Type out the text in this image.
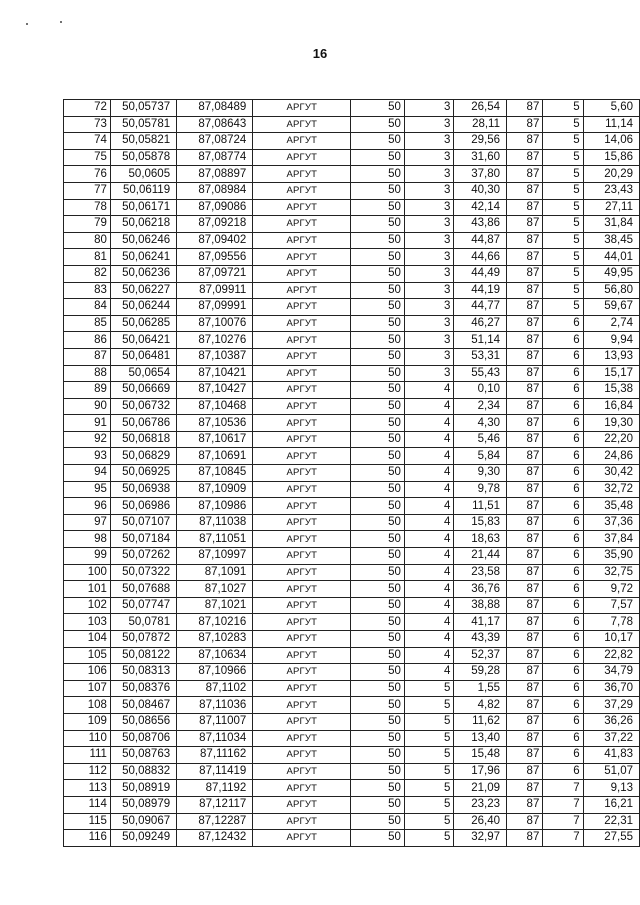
16
72	50,05737	87,08489	АРГУТ	50	3	26,54	87	5	5,60
73	50,05781	87,08643	АРГУТ	50	3	28,11	87	5	11,14
74	50,05821	87,08724	АРГУТ	50	3	29,56	87	5	14,06
75	50,05878	87,08774	АРГУТ	50	3	31,60	87	5	15,86
76	50,0605	87,08897	АРГУТ	50	3	37,80	87	5	20,29
77	50,06119	87,08984	АРГУТ	50	3	40,30	87	5	23,43
78	50,06171	87,09086	АРГУТ	50	3	42,14	87	5	27,11
79	50,06218	87,09218	АРГУТ	50	3	43,86	87	5	31,84
80	50,06246	87,09402	АРГУТ	50	3	44,87	87	5	38,45
81	50,06241	87,09556	АРГУТ	50	3	44,66	87	5	44,01
82	50,06236	87,09721	АРГУТ	50	3	44,49	87	5	49,95
83	50,06227	87,09911	АРГУТ	50	3	44,19	87	5	56,80
84	50,06244	87,09991	АРГУТ	50	3	44,77	87	5	59,67
85	50,06285	87,10076	АРГУТ	50	3	46,27	87	6	2,74
86	50,06421	87,10276	АРГУТ	50	3	51,14	87	6	9,94
87	50,06481	87,10387	АРГУТ	50	3	53,31	87	6	13,93
88	50,0654	87,10421	АРГУТ	50	3	55,43	87	6	15,17
89	50,06669	87,10427	АРГУТ	50	4	0,10	87	6	15,38
90	50,06732	87,10468	АРГУТ	50	4	2,34	87	6	16,84
91	50,06786	87,10536	АРГУТ	50	4	4,30	87	6	19,30
92	50,06818	87,10617	АРГУТ	50	4	5,46	87	6	22,20
93	50,06829	87,10691	АРГУТ	50	4	5,84	87	6	24,86
94	50,06925	87,10845	АРГУТ	50	4	9,30	87	6	30,42
95	50,06938	87,10909	АРГУТ	50	4	9,78	87	6	32,72
96	50,06986	87,10986	АРГУТ	50	4	11,51	87	6	35,48
97	50,07107	87,11038	АРГУТ	50	4	15,83	87	6	37,36
98	50,07184	87,11051	АРГУТ	50	4	18,63	87	6	37,84
99	50,07262	87,10997	АРГУТ	50	4	21,44	87	6	35,90
100	50,07322	87,1091	АРГУТ	50	4	23,58	87	6	32,75
101	50,07688	87,1027	АРГУТ	50	4	36,76	87	6	9,72
102	50,07747	87,1021	АРГУТ	50	4	38,88	87	6	7,57
103	50,0781	87,10216	АРГУТ	50	4	41,17	87	6	7,78
104	50,07872	87,10283	АРГУТ	50	4	43,39	87	6	10,17
105	50,08122	87,10634	АРГУТ	50	4	52,37	87	6	22,82
106	50,08313	87,10966	АРГУТ	50	4	59,28	87	6	34,79
107	50,08376	87,1102	АРГУТ	50	5	1,55	87	6	36,70
108	50,08467	87,11036	АРГУТ	50	5	4,82	87	6	37,29
109	50,08656	87,11007	АРГУТ	50	5	11,62	87	6	36,26
110	50,08706	87,11034	АРГУТ	50	5	13,40	87	6	37,22
111	50,08763	87,11162	АРГУТ	50	5	15,48	87	6	41,83
112	50,08832	87,11419	АРГУТ	50	5	17,96	87	6	51,07
113	50,08919	87,1192	АРГУТ	50	5	21,09	87	7	9,13
114	50,08979	87,12117	АРГУТ	50	5	23,23	87	7	16,21
115	50,09067	87,12287	АРГУТ	50	5	26,40	87	7	22,31
116	50,09249	87,12432	АРГУТ	50	5	32,97	87	7	27,55
